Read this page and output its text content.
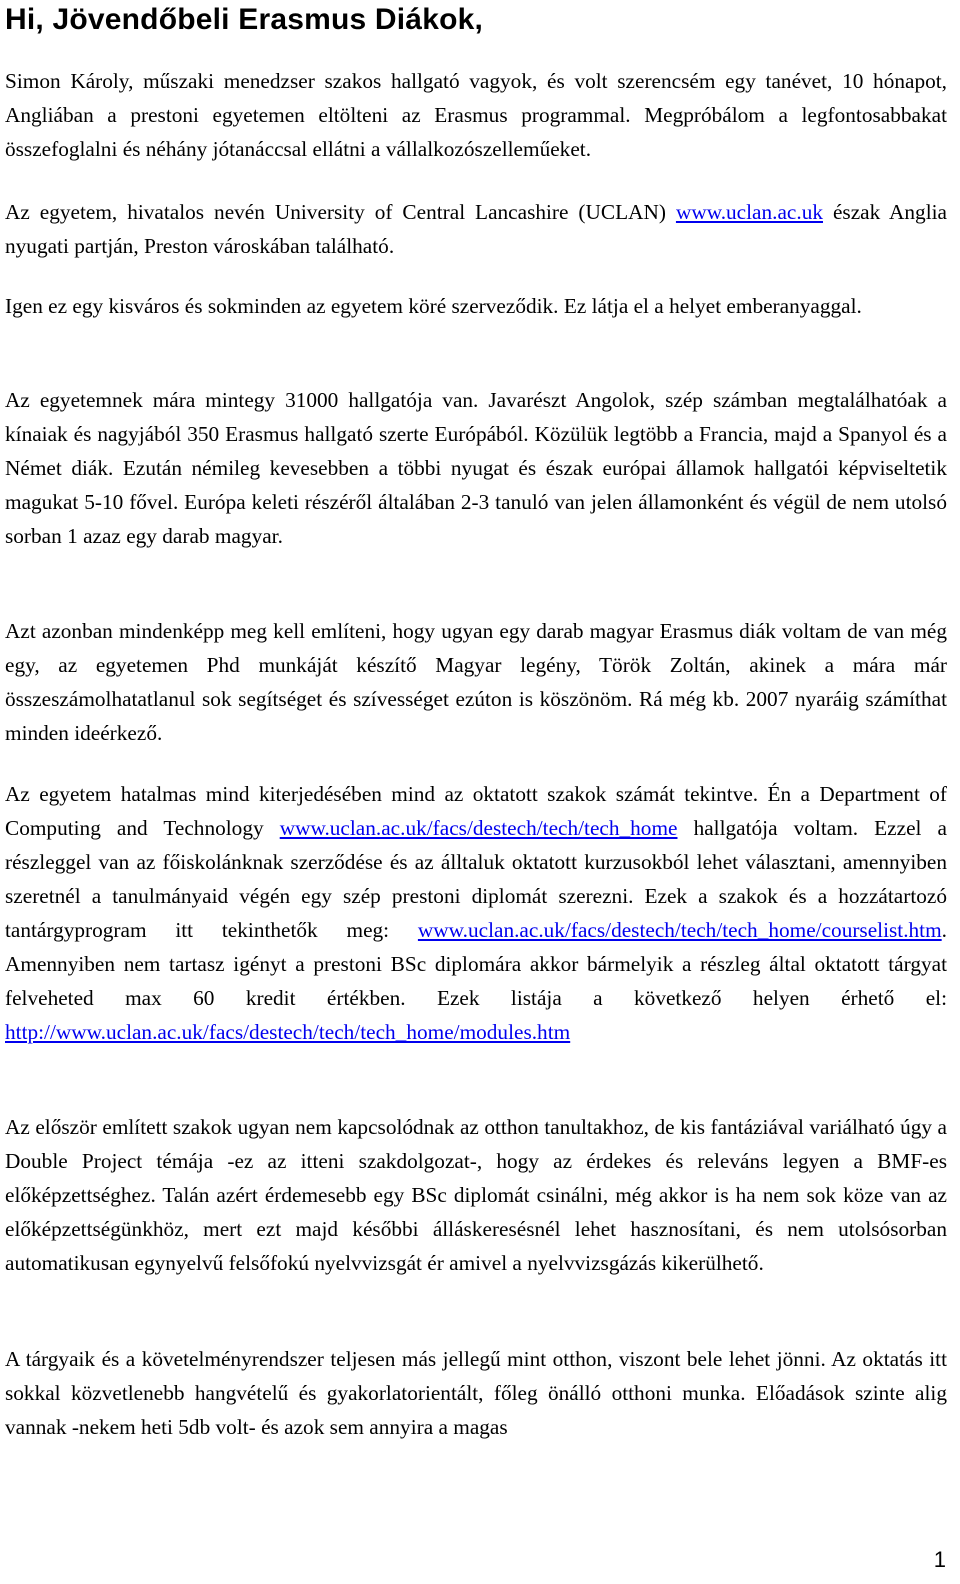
Hi, Jövendőbeli Erasmus Diákok,

Simon Károly, műszaki menedzser szakos hallgató vagyok, és volt szerencsém egy tanévet, 10 hónapot, Angliában a prestoni egyetemen eltölteni az Erasmus programmal. Megpróbálom a legfontosabbakat összefoglalni és néhány jótanáccsal ellátni a vállalkozószelleműeket.

Az egyetem, hivatalos nevén University of Central Lancashire (UCLAN) www.uclan.ac.uk észak Anglia nyugati partján, Preston városkában található.

Igen ez egy kisváros és sokminden az egyetem köré szerveződik. Ez látja el a helyet emberanyaggal.

Az egyetemnek mára mintegy 31000 hallgatója van. Javarészt Angolok, szép számban megtalálhatóak a kínaiak és nagyjából 350 Erasmus hallgató szerte Európából. Közülük legtöbb a Francia, majd a Spanyol és a Német diák. Ezután némileg kevesebben a többi nyugat és észak európai államok hallgatói képviseltetik magukat 5-10 fővel. Európa keleti részéről általában 2-3 tanuló van jelen államonként és végül de nem utolsó sorban 1 azaz egy darab magyar.

Azt azonban mindenképp meg kell említeni, hogy ugyan egy darab magyar Erasmus diák voltam de van még egy, az egyetemen Phd munkáját készítő Magyar legény, Török Zoltán, akinek a mára már összeszámolhatatlanul sok segítséget és szívességet ezúton is köszönöm. Rá még kb. 2007 nyaráig számíthat minden ideérkező.

Az egyetem hatalmas mind kiterjedésében mind az oktatott szakok számát tekintve. Én a Department of Computing and Technology www.uclan.ac.uk/facs/destech/tech/tech_home hallgatója voltam. Ezzel a részleggel van az főiskolánknak szerződése és az álltaluk oktatott kurzusokból lehet választani, amennyiben szeretnél a tanulmányaid végén egy szép prestoni diplomát szerezni. Ezek a szakok és a hozzátartozó tantárgyprogram itt tekinthetők meg: www.uclan.ac.uk/facs/destech/tech/tech_home/courselist.htm. Amennyiben nem tartasz igényt a prestoni BSc diplomára akkor bármelyik a részleg által oktatott tárgyat felveheted max 60 kredit értékben. Ezek listája a következő helyen érhető el: http://www.uclan.ac.uk/facs/destech/tech/tech_home/modules.htm

Az először említett szakok ugyan nem kapcsolódnak az otthon tanultakhoz, de kis fantáziával variálható úgy a Double Project témája -ez az itteni szakdolgozat-, hogy az érdekes és releváns legyen a BMF-es előképzettséghez. Talán azért érdemesebb egy BSc diplomát csinálni, még akkor is ha nem sok köze van az előképzettségünkhöz, mert ezt majd későbbi álláskeresésnél lehet hasznosítani, és nem utolsósorban automatikusan egynyelvű felsőfokú nyelvvizsgát ér amivel a nyelvvizsgázás kikerülhető.

A tárgyaik és a követelményrendszer teljesen más jellegű mint otthon, viszont bele lehet jönni. Az oktatás itt sokkal közvetlenebb hangvételű és gyakorlatorientált, főleg önálló otthoni munka. Előadások szinte alig vannak -nekem heti 5db volt- és azok sem annyira a magas

1
